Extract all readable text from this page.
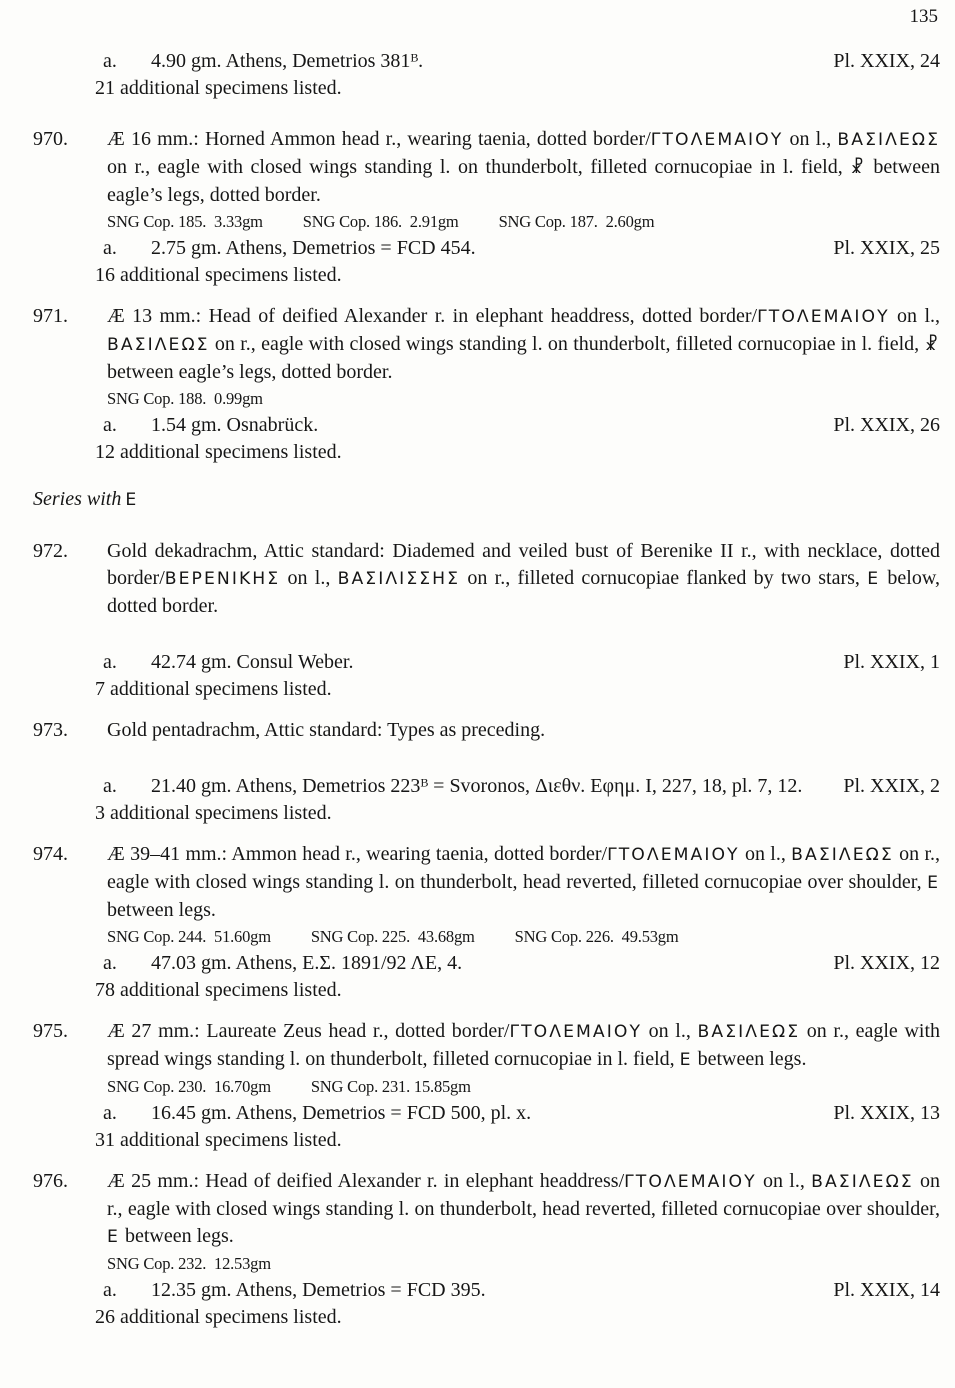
135
a. 4.90 gm. Athens, Demetrios 381ᴮ.	Pl. XXIX, 24

21 additional specimens listed.

970.	Æ 16 mm.: Horned Ammon head r., wearing taenia, dotted border/ΓΤΟΛΕΜΑΙΟΥ on l., ΒΑΣΙΛΕΩΣ on r., eagle with closed wings standing l. on thunderbolt, filleted cornucopiae in l. field, ☧ between eagle’s legs, dotted border.

SNG Cop. 185.  3.33gm SNG Cop. 186.  2.91gm SNG Cop. 187.  2.60gm
a. 2.75 gm. Athens, Demetrios = FCD 454.	Pl. XXIX, 25

16 additional specimens listed.

971.	Æ 13 mm.: Head of deified Alexander r. in elephant headdress, dotted border/ΓΤΟΛΕΜΑΙΟΥ on l., ΒΑΣΙΛΕΩΣ on r., eagle with closed wings standing l. on thunderbolt, filleted cornucopiae in l. field, ☧ between eagle’s legs, dotted border.

SNG Cop. 188.  0.99gm
a. 1.54 gm. Osnabrück.	Pl. XXIX, 26

12 additional specimens listed.

Series with Ε
972.	Gold dekadrachm, Attic standard: Diademed and veiled bust of Berenike II r., with necklace, dotted border/ΒΕΡΕΝΙΚΗΣ on l., ΒΑΣΙΛΙΣΣΗΣ on r., filleted cornucopiae flanked by two stars, Ε below, dotted border.

a. 42.74 gm. Consul Weber.	Pl. XXIX, 1

7 additional specimens listed.

973.	Gold pentadrachm, Attic standard: Types as preceding.

a. 21.40 gm. Athens, Demetrios 223ᴮ = Svoronos, Διεθν. Εφημ. I, 227, 18, pl. 7, 12.	Pl. XXIX, 2

3 additional specimens listed.

974.	Æ 39–41 mm.: Ammon head r., wearing taenia, dotted border/ΓΤΟΛΕΜΑΙΟΥ on l., ΒΑΣΙΛΕΩΣ on r., eagle with closed wings standing l. on thunderbolt, head reverted, filleted cornucopiae over shoulder, Ε between legs.

SNG Cop. 244.  51.60gm SNG Cop. 225.  43.68gm SNG Cop. 226.  49.53gm
a. 47.03 gm. Athens, Ε.Σ. 1891/92 ΛΕ, 4.	Pl. XXIX, 12

78 additional specimens listed.

975.	Æ 27 mm.: Laureate Zeus head r., dotted border/ΓΤΟΛΕΜΑΙΟΥ on l., ΒΑΣΙΛΕΩΣ on r., eagle with spread wings standing l. on thunderbolt, filleted cornucopiae in l. field, Ε between legs.

SNG Cop. 230.  16.70gm SNG Cop. 231. 15.85gm
a. 16.45 gm. Athens, Demetrios = FCD 500, pl. x.	Pl. XXIX, 13

31 additional specimens listed.

976.	Æ 25 mm.: Head of deified Alexander r. in elephant headdress/ΓΤΟΛΕΜΑΙΟΥ on l., ΒΑΣΙΛΕΩΣ on r., eagle with closed wings standing l. on thunderbolt, head reverted, filleted cornucopiae over shoulder, Ε between legs.

SNG Cop. 232.  12.53gm
a. 12.35 gm. Athens, Demetrios = FCD 395.	Pl. XXIX, 14

26 additional specimens listed.
